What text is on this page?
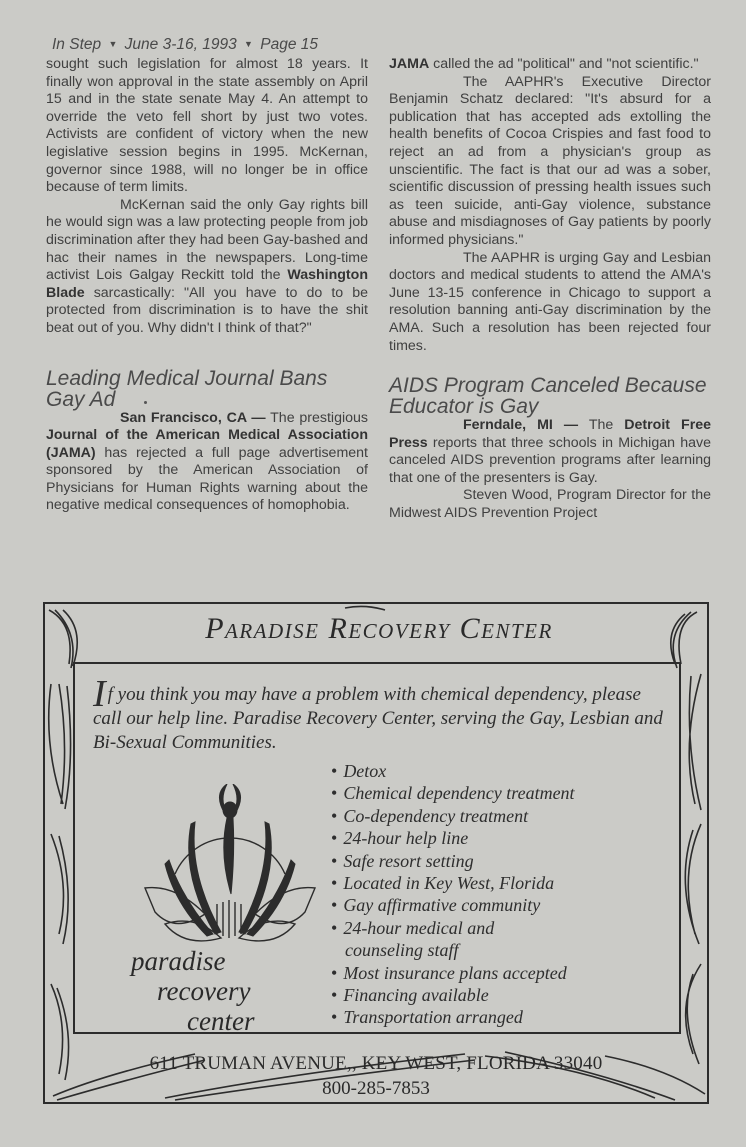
In Step ▼ June 3-16, 1993 ▼ Page 15

sought such legislation for almost 18 years. It finally won approval in the state assembly on April 15 and in the state senate May 4. An attempt to override the veto fell short by just two votes. Activists are confident of victory when the new legislative session begins in 1995. McKernan, governor since 1988, will no longer be in office because of term limits.

McKernan said the only Gay rights bill he would sign was a law protecting people from job discrimination after they had been Gay-bashed and hac their names in the newspapers. Long-time activist Lois Galgay Reckitt told the Washington Blade sarcastically: "All you have to do to be protected from discrimination is to have the shit beat out of you. Why didn't I think of that?"

Leading Medical Journal Bans Gay Ad

San Francisco, CA — The prestigious Journal of the American Medical Association (JAMA) has rejected a full page advertisement sponsored by the American Association of Physicians for Human Rights warning about the negative medical consequences of homophobia.

JAMA called the ad "political" and "not scientific."

The AAPHR's Executive Director Benjamin Schatz declared: "It's absurd for a publication that has accepted ads extolling the health benefits of Cocoa Crispies and fast food to reject an ad from a physician's group as unscientific. The fact is that our ad was a sober, scientific discussion of pressing health issues such as teen suicide, anti-Gay violence, substance abuse and misdiagnoses of Gay patients by poorly informed physicians."

The AAPHR is urging Gay and Lesbian doctors and medical students to attend the AMA's June 13-15 conference in Chicago to support a resolution banning anti-Gay discrimination by the AMA. Such a resolution has been rejected four times.

AIDS Program Canceled Because Educator is Gay

Ferndale, MI — The Detroit Free Press reports that three schools in Michigan have canceled AIDS prevention programs after learning that one of the presenters is Gay.

Steven Wood, Program Director for the Midwest AIDS Prevention Project

Paradise Recovery Center
If you think you may have a problem with chemical dependency, please call our help line. Paradise Recovery Center, serving the Gay, Lesbian and Bi-Sexual Communities.
paradise
recovery
center
• Detox
• Chemical dependency treatment
• Co-dependency treatment
• 24-hour help line
• Safe resort setting
• Located in Key West, Florida
• Gay affirmative community
• 24-hour medical and
counseling staff
• Most insurance plans accepted
• Financing available
• Transportation arranged
611 TRUMAN AVENUE,, KEY WEST, FLORIDA 33040
800-285-7853
